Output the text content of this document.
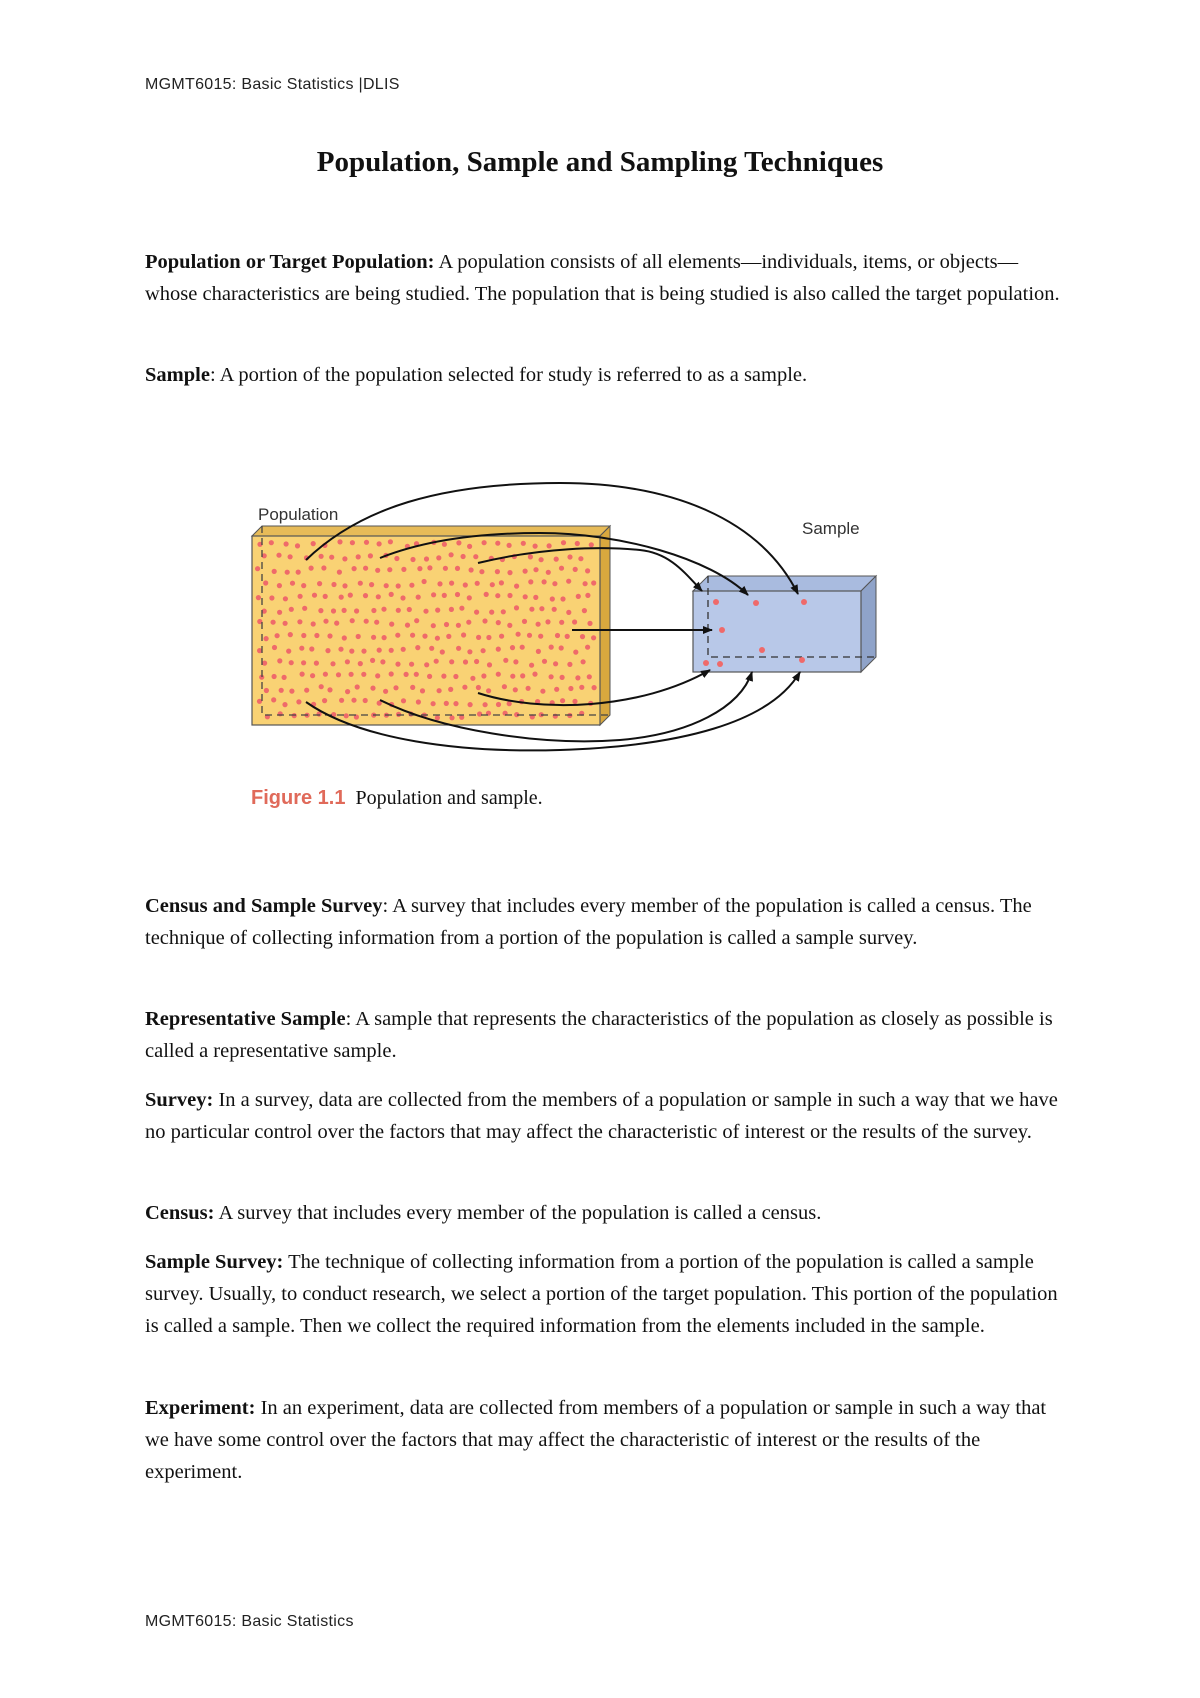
MGMT6015: Basic Statistics |DLIS
Population, Sample and Sampling Techniques

Population or Target Population: A population consists of all elements—individuals, items, or objects—whose characteristics are being studied. The population that is being studied is also called the target population.

Sample: A portion of the population selected for study is referred to as a sample.

Population
Sample

Figure 1.1 Population and sample.

Census and Sample Survey: A survey that includes every member of the population is called a census. The technique of collecting information from a portion of the population is called a sample survey.

Representative Sample: A sample that represents the characteristics of the population as closely as possible is called a representative sample.

Survey: In a survey, data are collected from the members of a population or sample in such a way that we have no particular control over the factors that may affect the characteristic of interest or the results of the survey.

Census: A survey that includes every member of the population is called a census.

Sample Survey: The technique of collecting information from a portion of the population is called a sample survey. Usually, to conduct research, we select a portion of the target population. This portion of the population is called a sample. Then we collect the required information from the elements included in the sample.

Experiment: In an experiment, data are collected from members of a population or sample in such a way that we have some control over the factors that may affect the characteristic of interest or the results of the experiment.

MGMT6015: Basic Statistics
